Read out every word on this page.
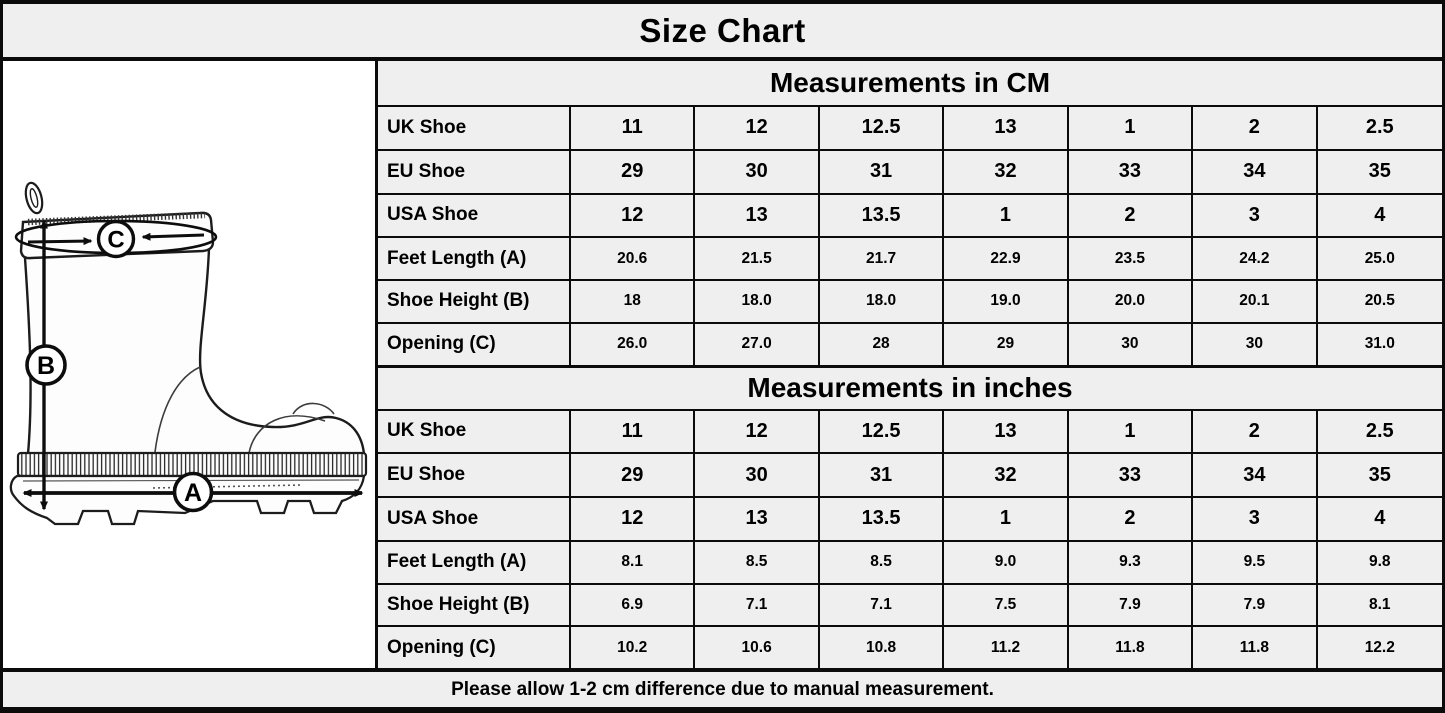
Size Chart
C
B
A
Measurements in CM
UK Shoe	11	12	12.5	13	1	2	2.5
EU Shoe	29	30	31	32	33	34	35
USA Shoe	12	13	13.5	1	2	3	4
Feet Length (A)	20.6	21.5	21.7	22.9	23.5	24.2	25.0
Shoe Height (B)	18	18.0	18.0	19.0	20.0	20.1	20.5
Opening (C)	26.0	27.0	28	29	30	30	31.0
Measurements in inches
UK Shoe	11	12	12.5	13	1	2	2.5
EU Shoe	29	30	31	32	33	34	35
USA Shoe	12	13	13.5	1	2	3	4
Feet Length (A)	8.1	8.5	8.5	9.0	9.3	9.5	9.8
Shoe Height (B)	6.9	7.1	7.1	7.5	7.9	7.9	8.1
Opening (C)	10.2	10.6	10.8	11.2	11.8	11.8	12.2
Please allow 1-2 cm difference due to manual measurement.
